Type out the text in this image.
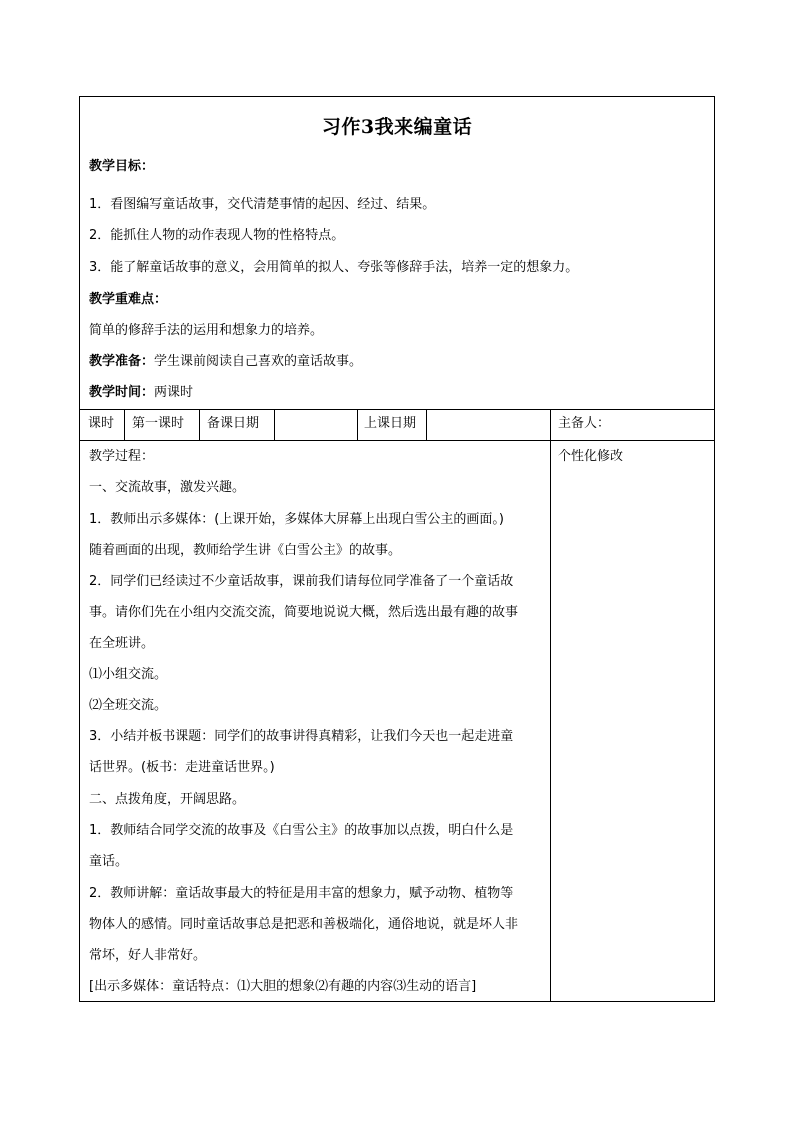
习作3我来编童话
教学目标：
1．看图编写童话故事，交代清楚事情的起因、经过、结果。
2．能抓住人物的动作表现人物的性格特点。
3．能了解童话故事的意义，会用简单的拟人、夸张等修辞手法，培养一定的想象力。
教学重难点：
简单的修辞手法的运用和想象力的培养。
教学准备：学生课前阅读自己喜欢的童话故事。
教学时间：两课时
课时 第一课时 备课日期	上课日期	主备人：
教学过程：
一、交流故事，激发兴趣。
1．教师出示多媒体：(上课开始，多媒体大屏幕上出现白雪公主的画面。)
随着画面的出现，教师给学生讲《白雪公主》的故事。
2．同学们已经读过不少童话故事，课前我们请每位同学准备了一个童话故
事。请你们先在小组内交流交流，简要地说说大概，然后选出最有趣的故事
在全班讲。
⑴小组交流。
⑵全班交流。
3．小结并板书课题：同学们的故事讲得真精彩，让我们今天也一起走进童
话世界。(板书：走进童话世界。)
二、点拨角度，开阔思路。
1．教师结合同学交流的故事及《白雪公主》的故事加以点拨，明白什么是
童话。
2．教师讲解：童话故事最大的特征是用丰富的想象力，赋予动物、植物等
物体人的感情。同时童话故事总是把恶和善极端化，通俗地说，就是坏人非
常坏，好人非常好。
[出示多媒体：童话特点：⑴大胆的想象⑵有趣的内容⑶生动的语言]
个性化修改
